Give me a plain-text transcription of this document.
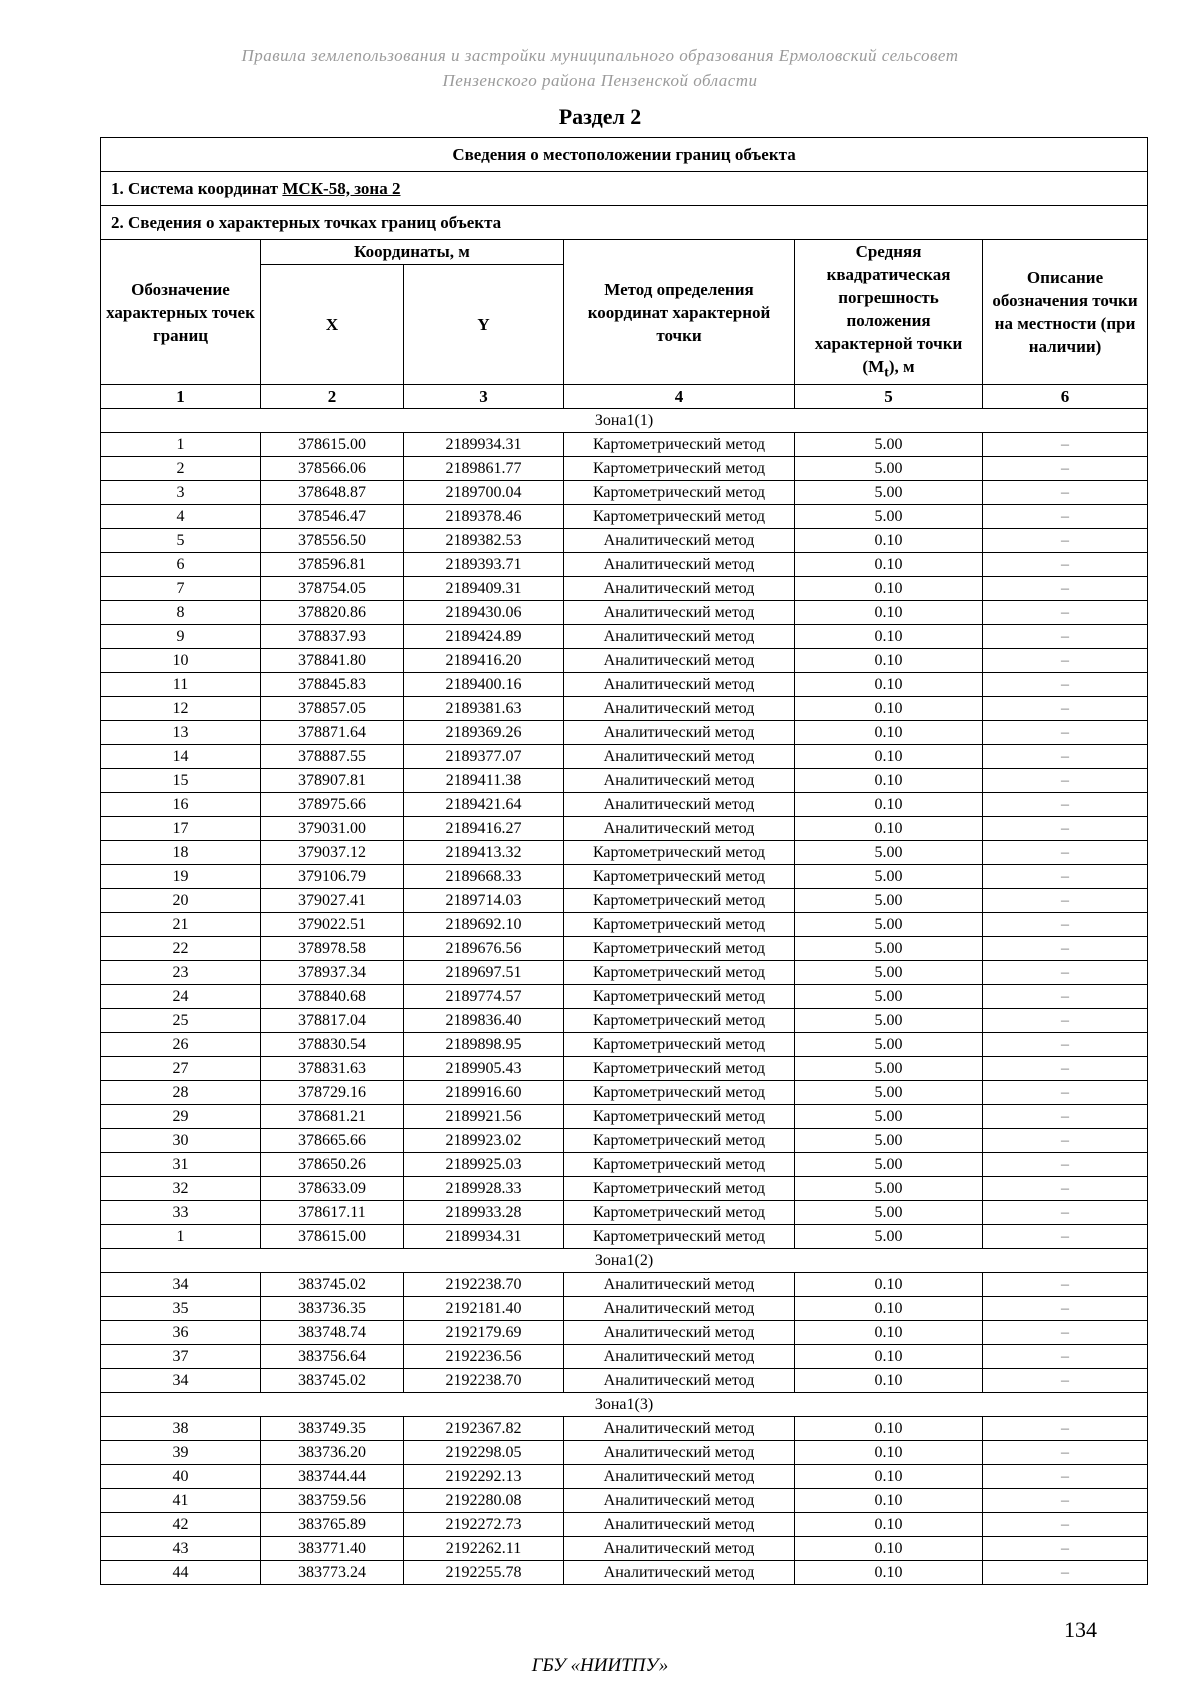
Правила землепользования и застройки муниципального образования Ермоловский сельсовет
Пензенского района Пензенской области
Раздел 2
Сведения о местоположении границ объекта					
1. Система координат МСК-58, зона 2					
2. Сведения о характерных точках границ объекта					
Обозначение характерных точек границ	Координаты, м		Метод определения координат характерной точки	Средняя квадратическая погрешность положения характерной точки $(M_t)$, м	Описание обозначения точки на местности (при наличии)
	X	Y			
1	2	3	4	5	6
Зона1(1)					
1	378615.00	2189934.31	Картометрический метод	5.00	–
2	378566.06	2189861.77	Картометрический метод	5.00	–
3	378648.87	2189700.04	Картометрический метод	5.00	–
4	378546.47	2189378.46	Картометрический метод	5.00	–
5	378556.50	2189382.53	Аналитический метод	0.10	–
6	378596.81	2189393.71	Аналитический метод	0.10	–
7	378754.05	2189409.31	Аналитический метод	0.10	–
8	378820.86	2189430.06	Аналитический метод	0.10	–
9	378837.93	2189424.89	Аналитический метод	0.10	–
10	378841.80	2189416.20	Аналитический метод	0.10	–
11	378845.83	2189400.16	Аналитический метод	0.10	–
12	378857.05	2189381.63	Аналитический метод	0.10	–
13	378871.64	2189369.26	Аналитический метод	0.10	–
14	378887.55	2189377.07	Аналитический метод	0.10	–
15	378907.81	2189411.38	Аналитический метод	0.10	–
16	378975.66	2189421.64	Аналитический метод	0.10	–
17	379031.00	2189416.27	Аналитический метод	0.10	–
18	379037.12	2189413.32	Картометрический метод	5.00	–
19	379106.79	2189668.33	Картометрический метод	5.00	–
20	379027.41	2189714.03	Картометрический метод	5.00	–
21	379022.51	2189692.10	Картометрический метод	5.00	–
22	378978.58	2189676.56	Картометрический метод	5.00	–
23	378937.34	2189697.51	Картометрический метод	5.00	–
24	378840.68	2189774.57	Картометрический метод	5.00	–
25	378817.04	2189836.40	Картометрический метод	5.00	–
26	378830.54	2189898.95	Картометрический метод	5.00	–
27	378831.63	2189905.43	Картометрический метод	5.00	–
28	378729.16	2189916.60	Картометрический метод	5.00	–
29	378681.21	2189921.56	Картометрический метод	5.00	–
30	378665.66	2189923.02	Картометрический метод	5.00	–
31	378650.26	2189925.03	Картометрический метод	5.00	–
32	378633.09	2189928.33	Картометрический метод	5.00	–
33	378617.11	2189933.28	Картометрический метод	5.00	–
1	378615.00	2189934.31	Картометрический метод	5.00	–
Зона1(2)					
34	383745.02	2192238.70	Аналитический метод	0.10	–
35	383736.35	2192181.40	Аналитический метод	0.10	–
36	383748.74	2192179.69	Аналитический метод	0.10	–
37	383756.64	2192236.56	Аналитический метод	0.10	–
34	383745.02	2192238.70	Аналитический метод	0.10	–
Зона1(3)					
38	383749.35	2192367.82	Аналитический метод	0.10	–
39	383736.20	2192298.05	Аналитический метод	0.10	–
40	383744.44	2192292.13	Аналитический метод	0.10	–
41	383759.56	2192280.08	Аналитический метод	0.10	–
42	383765.89	2192272.73	Аналитический метод	0.10	–
43	383771.40	2192262.11	Аналитический метод	0.10	–
44	383773.24	2192255.78	Аналитический метод	0.10	–
134
ГБУ «НИИТПУ»
